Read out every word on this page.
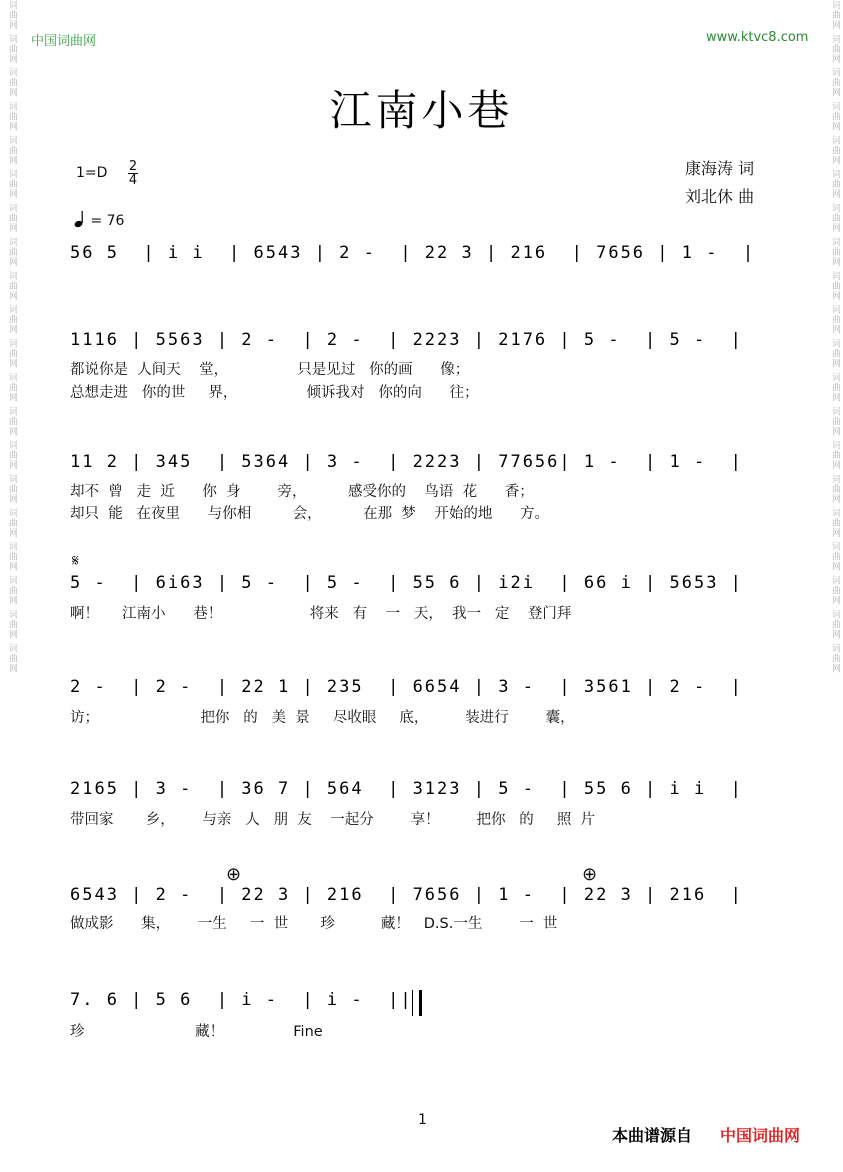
词曲网 词曲网 词曲网 词曲网 词曲网 词曲网 词曲网 词曲网 词曲网 词曲网 词曲网 词曲网 词曲网 词曲网 词曲网 词曲网 词曲网 词曲网 词曲网 词曲网	词曲网 词曲网 词曲网 词曲网 词曲网 词曲网 词曲网 词曲网 词曲网 词曲网 词曲网 词曲网 词曲网 词曲网 词曲网 词曲网 词曲网 词曲网 词曲网 词曲网
中国词曲网	www.ktvc8.com
江南小巷
康海涛 词
刘北休 曲
1=D 2
4
= 76
56 5  | i i  | 6543 | 2 -  | 22 3 | 216  | 7656 | 1 -  |
1116 | 5563 | 2 -  | 2 -  | 2223 | 2176 | 5 -  | 5 -  |
都说你是  人间天    堂，               只是见过   你的画      像；
总想走进   你的世     界，               倾诉我对   你的向      往；
11 2 | 345  | 5364 | 3 -  | 2223 | 77656| 1 -  | 1 -  |
却不  曾   走  近      你  身        旁，         感受你的    鸟语  花      香；
却只  能   在夜里      与你相         会，         在那  梦    开始的地      方。
𝄋
5 -  | 6i63 | 5 -  | 5 -  | 55 6 | i2i  | 66 i | 5653 |
啊！     江南小      巷！                   将来   有    一   天，  我一   定    登门拜
2 -  | 2 -  | 22 1 | 235  | 6654 | 3 -  | 3561 | 2 -  |
访；                      把你   的   美  景     尽收眼     底，        装进行        囊，
2165 | 3 -  | 36 7 | 564  | 3123 | 5 -  | 55 6 | i i  |
带回家       乡，      与亲   人   朋  友    一起分        享！        把你   的     照  片
⊕	⊕
6543 | 2 -  | 22 3 | 216  | 7656 | 1 -  | 22 3 | 216  |
做成影      集，      一生     一  世       珍          藏！   D.S.一生        一  世
7. 6 | 5 6  | i -  | i -  ||
珍                        藏！               Fine
1
本曲谱源自 中国词曲网
